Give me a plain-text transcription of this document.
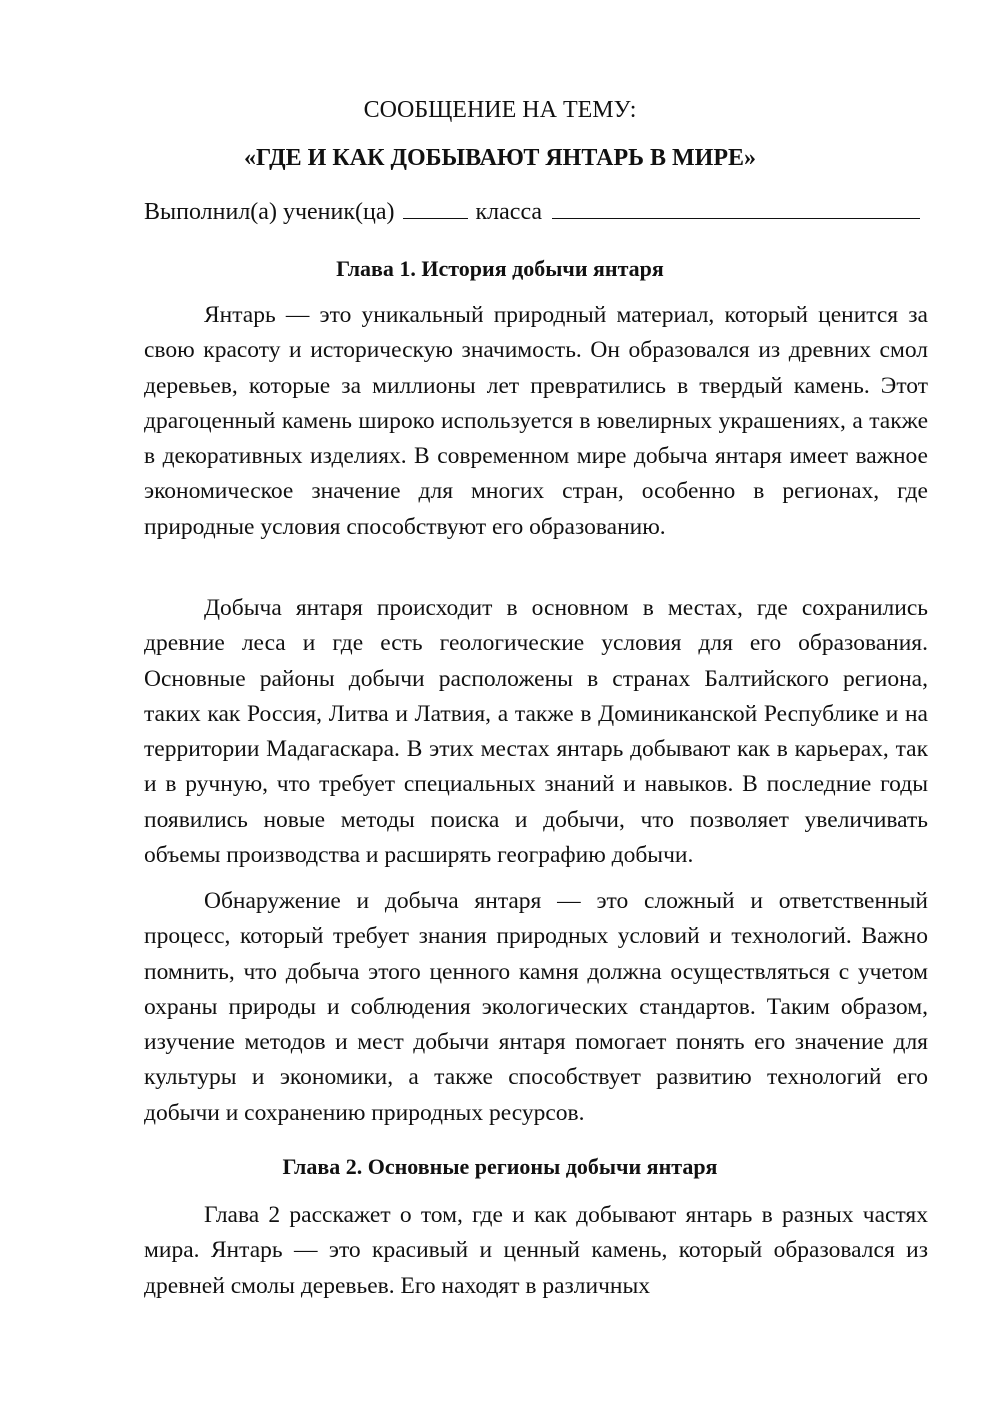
СООБЩЕНИЕ НА ТЕМУ:
«ГДЕ И КАК ДОБЫВАЮТ ЯНТАРЬ В МИРЕ»
Выполнил(а) ученик(ца)	класса
Глава 1. История добычи янтаря

Янтарь — это уникальный природный материал, который ценится за свою красоту и историческую значимость. Он образовался из древних смол деревьев, которые за миллионы лет превратились в твердый камень. Этот драгоценный камень широко используется в ювелирных украшениях, а также в декоративных изделиях. В современном мире добыча янтаря имеет важное экономическое значение для многих стран, особенно в регионах, где природные условия способствуют его образованию.

Добыча янтаря происходит в основном в местах, где сохранились древние леса и где есть геологические условия для его образования. Основные районы добычи расположены в странах Балтийского региона, таких как Россия, Литва и Латвия, а также в Доминиканской Республике и на территории Мадагаскара. В этих местах янтарь добывают как в карьерах, так и в ручную, что требует специальных знаний и навыков. В последние годы появились новые методы поиска и добычи, что позволяет увеличивать объемы производства и расширять географию добычи.

Обнаружение и добыча янтаря — это сложный и ответственный процесс, который требует знания природных условий и технологий. Важно помнить, что добыча этого ценного камня должна осуществляться с учетом охраны природы и соблюдения экологических стандартов. Таким образом, изучение методов и мест добычи янтаря помогает понять его значение для культуры и экономики, а также способствует развитию технологий его добычи и сохранению природных ресурсов.

Глава 2. Основные регионы добычи янтаря

Глава 2 расскажет о том, где и как добывают янтарь в разных частях мира. Янтарь — это красивый и ценный камень, который образовался из древней смолы деревьев. Его находят в различных
